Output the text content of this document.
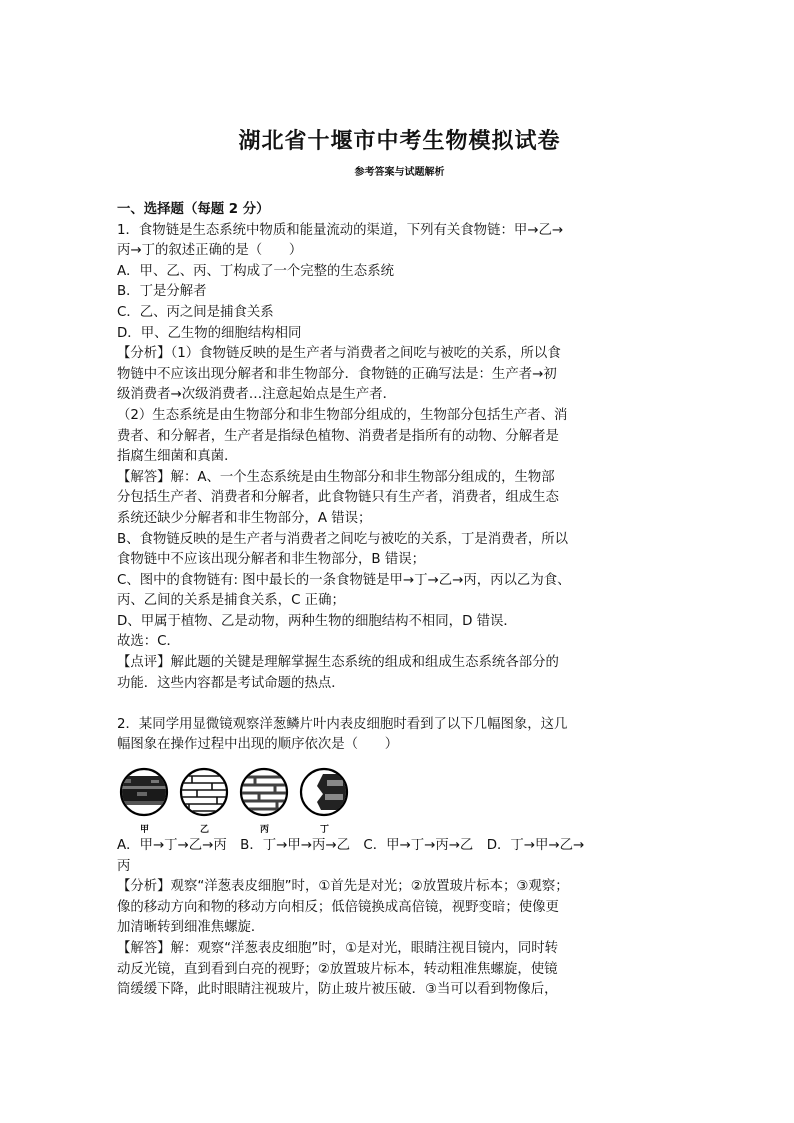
湖北省十堰市中考生物模拟试卷
参考答案与试题解析
一、选择题（每题 2 分）
1．食物链是生态系统中物质和能量流动的渠道，下列有关食物链：甲→乙→
丙→丁的叙述正确的是（　　）
A．甲、乙、丙、丁构成了一个完整的生态系统
B．丁是分解者
C．乙、丙之间是捕食关系
D．甲、乙生物的细胞结构相同
【分析】（1）食物链反映的是生产者与消费者之间吃与被吃的关系，所以食
物链中不应该出现分解者和非生物部分．食物链的正确写法是：生产者→初
级消费者→次级消费者…注意起始点是生产者．
（2）生态系统是由生物部分和非生物部分组成的，生物部分包括生产者、消
费者、和分解者，生产者是指绿色植物、消费者是指所有的动物、分解者是
指腐生细菌和真菌．
【解答】解：A、一个生态系统是由生物部分和非生物部分组成的，生物部
分包括生产者、消费者和分解者，此食物链只有生产者，消费者，组成生态
系统还缺少分解者和非生物部分，A 错误；
B、食物链反映的是生产者与消费者之间吃与被吃的关系，丁是消费者，所以
食物链中不应该出现分解者和非生物部分，B 错误；
C、图中的食物链有: 图中最长的一条食物链是甲→丁→乙→丙，丙以乙为食、
丙、乙间的关系是捕食关系，C 正确；
D、甲属于植物、乙是动物，两种生物的细胞结构不相同，D 错误．
故选：C．
【点评】解此题的关键是理解掌握生态系统的组成和组成生态系统各部分的
功能．这些内容都是考试命题的热点．
2．某同学用显微镜观察洋葱鳞片叶内表皮细胞时看到了以下几幅图象，这几
幅图象在操作过程中出现的顺序依次是（　　）
甲	乙	丙	丁
A．甲→丁→乙→丙　B．丁→甲→丙→乙　C．甲→丁→丙→乙　D．丁→甲→乙→
丙
【分析】观察“洋葱表皮细胞”时，①首先是对光；②放置玻片标本；③观察；
像的移动方向和物的移动方向相反；低倍镜换成高倍镜，视野变暗；使像更
加清晰转到细准焦螺旋．
【解答】解：观察“洋葱表皮细胞”时，①是对光，眼睛注视目镜内，同时转
动反光镜，直到看到白亮的视野；②放置玻片标本，转动粗准焦螺旋，使镜
筒缓缓下降，此时眼睛注视玻片，防止玻片被压破．③当可以看到物像后，
